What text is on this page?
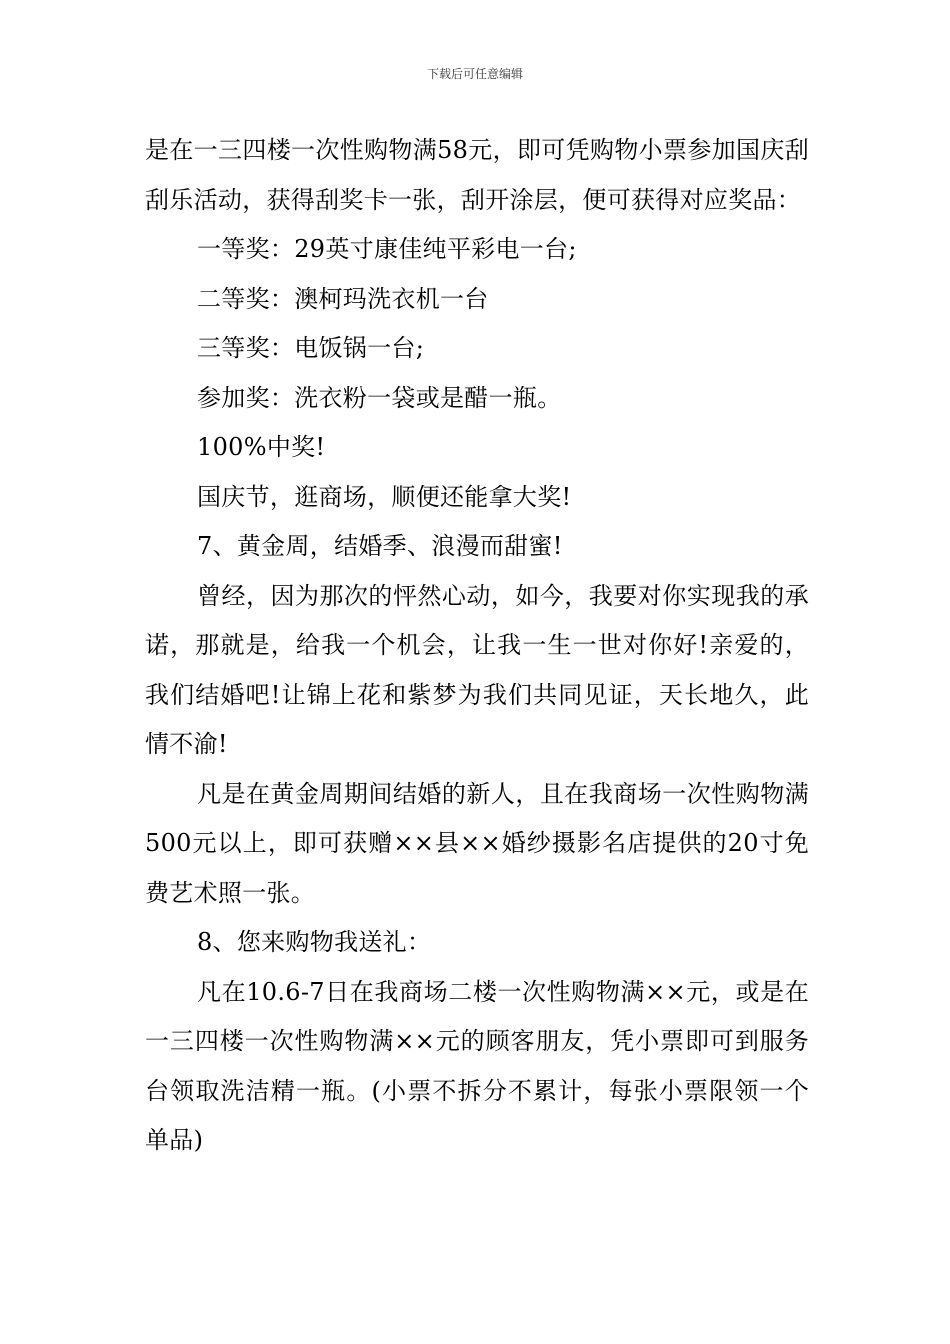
下载后可任意编辑

是在一三四楼一次性购物满58元，即可凭购物小票参加国庆刮刮乐活动，获得刮奖卡一张，刮开涂层，便可获得对应奖品：

一等奖：29英寸康佳纯平彩电一台;

二等奖：澳柯玛洗衣机一台

三等奖：电饭锅一台;

参加奖：洗衣粉一袋或是醋一瓶。

100%中奖!

国庆节，逛商场，顺便还能拿大奖!

7、黄金周，结婚季、浪漫而甜蜜!

曾经，因为那次的怦然心动，如今，我要对你实现我的承诺，那就是，给我一个机会，让我一生一世对你好!亲爱的，我们结婚吧!让锦上花和紫梦为我们共同见证，天长地久，此情不渝!

凡是在黄金周期间结婚的新人，且在我商场一次性购物满500元以上，即可获赠××县××婚纱摄影名店提供的20寸免费艺术照一张。

8、您来购物我送礼：

凡在10.6-7日在我商场二楼一次性购物满××元，或是在一三四楼一次性购物满××元的顾客朋友，凭小票即可到服务台领取洗洁精一瓶。(小票不拆分不累计，每张小票限领一个单品)
